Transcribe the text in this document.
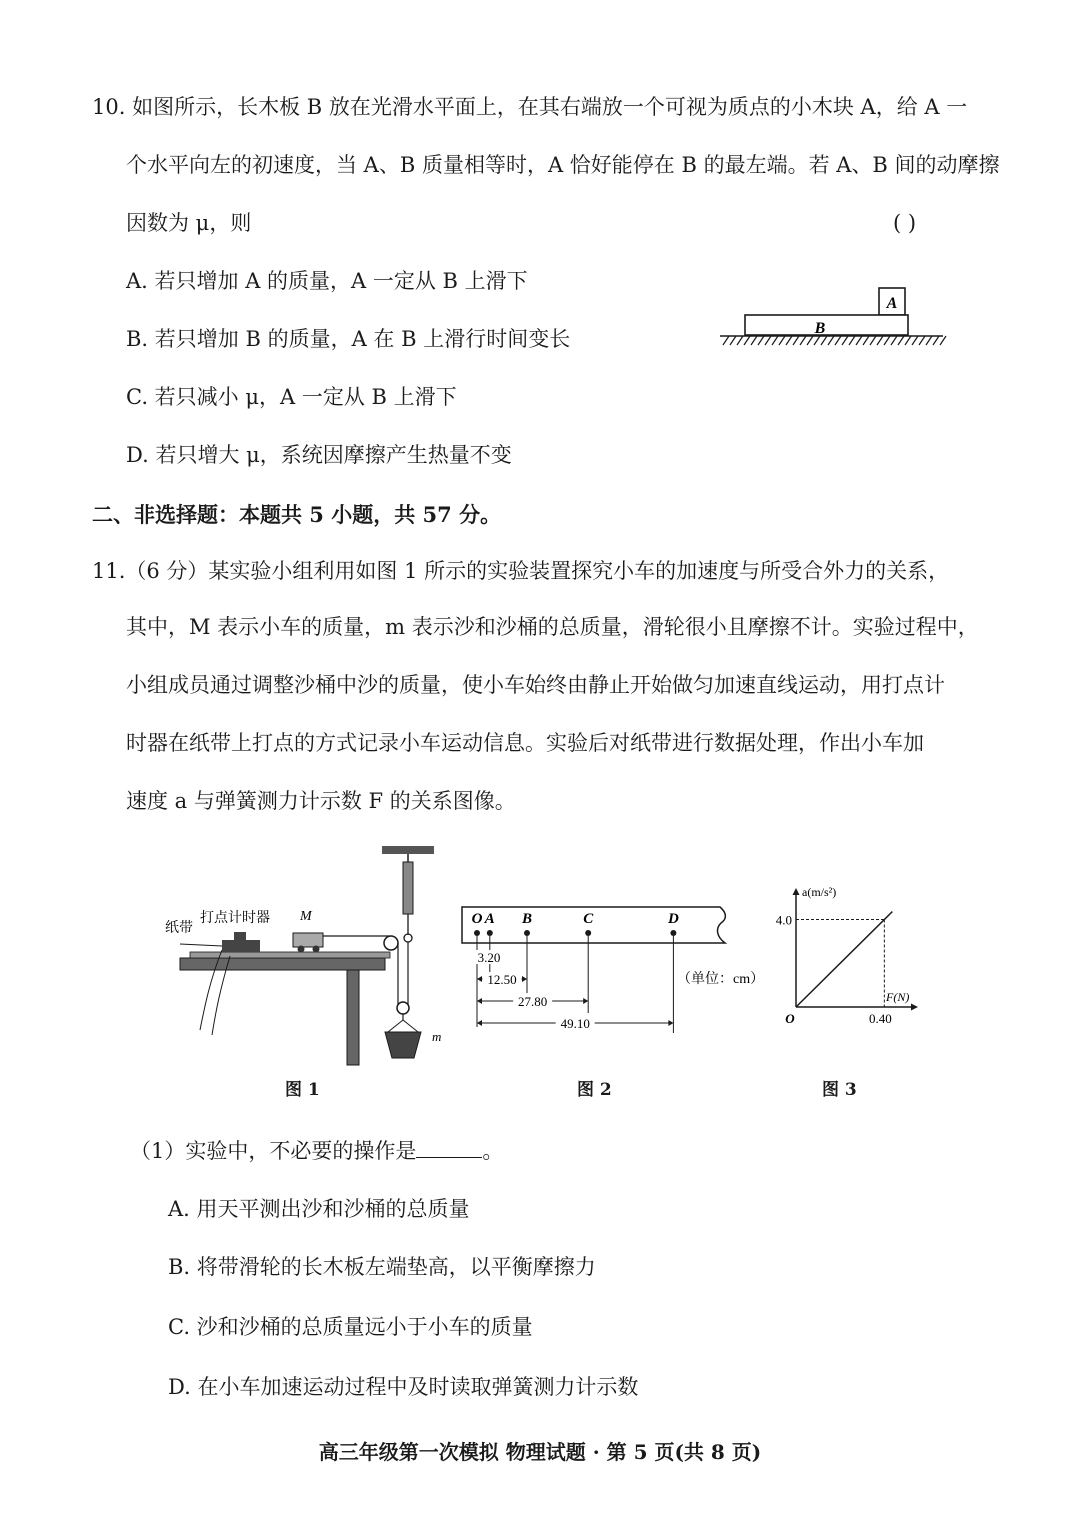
10. 如图所示，长木板 B 放在光滑水平面上，在其右端放一个可视为质点的小木块 A，给 A 一
个水平向左的初速度，当 A、B 质量相等时，A 恰好能停在 B 的最左端。若 A、B 间的动摩擦
因数为 μ，则	( )
A. 若只增加 A 的质量，A 一定从 B 上滑下
B. 若只增加 B 的质量，A 在 B 上滑行时间变长
C. 若只减小 μ，A 一定从 B 上滑下
D. 若只增大 μ，系统因摩擦产生热量不变
A
B
二、非选择题：本题共 5 小题，共 57 分。
11.（6 分）某实验小组利用如图 1 所示的实验装置探究小车的加速度与所受合外力的关系，
其中，M 表示小车的质量，m 表示沙和沙桶的总质量，滑轮很小且摩擦不计。实验过程中，
小组成员通过调整沙桶中沙的质量，使小车始终由静止开始做匀加速直线运动，用打点计
时器在纸带上打点的方式记录小车运动信息。实验后对纸带进行数据处理，作出小车加
速度 a 与弹簧测力计示数 F 的关系图像。
纸带
打点计时器 M
m
O A B	C	D
3.20
12.50
27.80
49.10
（单位：cm）
4.0
0.40
O
a(m/s²)
F(N)
图 1	图 2	图 3
（1）实验中，不必要的操作是	。
A. 用天平测出沙和沙桶的总质量
B. 将带滑轮的长木板左端垫高，以平衡摩擦力
C. 沙和沙桶的总质量远小于小车的质量
D. 在小车加速运动过程中及时读取弹簧测力计示数
高三年级第一次模拟 物理试题 · 第 5 页(共 8 页)
